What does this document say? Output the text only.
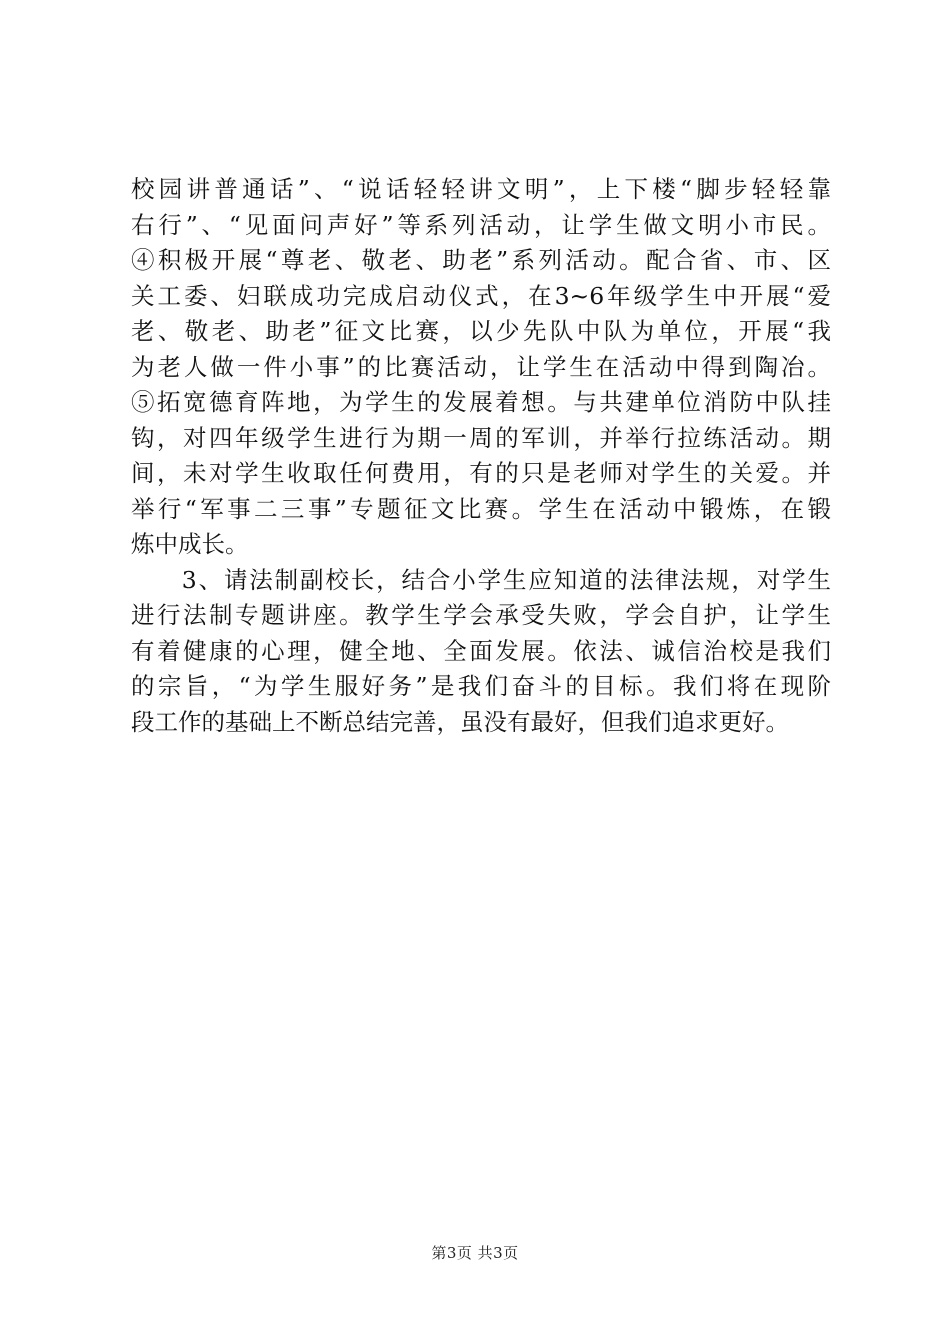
校园讲普通话”、“说话轻轻讲文明”，上下楼“脚步轻轻靠
右行”、“见面问声好”等系列活动，让学生做文明小市民。
④积极开展“尊老、敬老、助老”系列活动。配合省、市、区
关工委、妇联成功完成启动仪式，在3~6年级学生中开展“爱
老、敬老、助老”征文比赛，以少先队中队为单位，开展“我
为老人做一件小事”的比赛活动，让学生在活动中得到陶冶。
⑤拓宽德育阵地，为学生的发展着想。与共建单位消防中队挂
钩，对四年级学生进行为期一周的军训，并举行拉练活动。期
间，未对学生收取任何费用，有的只是老师对学生的关爱。并
举行“军事二三事”专题征文比赛。学生在活动中锻炼，在锻
炼中成长。
　　3、请法制副校长，结合小学生应知道的法律法规，对学生
进行法制专题讲座。教学生学会承受失败，学会自护，让学生
有着健康的心理，健全地、全面发展。依法、诚信治校是我们
的宗旨，“为学生服好务”是我们奋斗的目标。我们将在现阶
段工作的基础上不断总结完善，虽没有最好，但我们追求更好。
第3页 共3页
